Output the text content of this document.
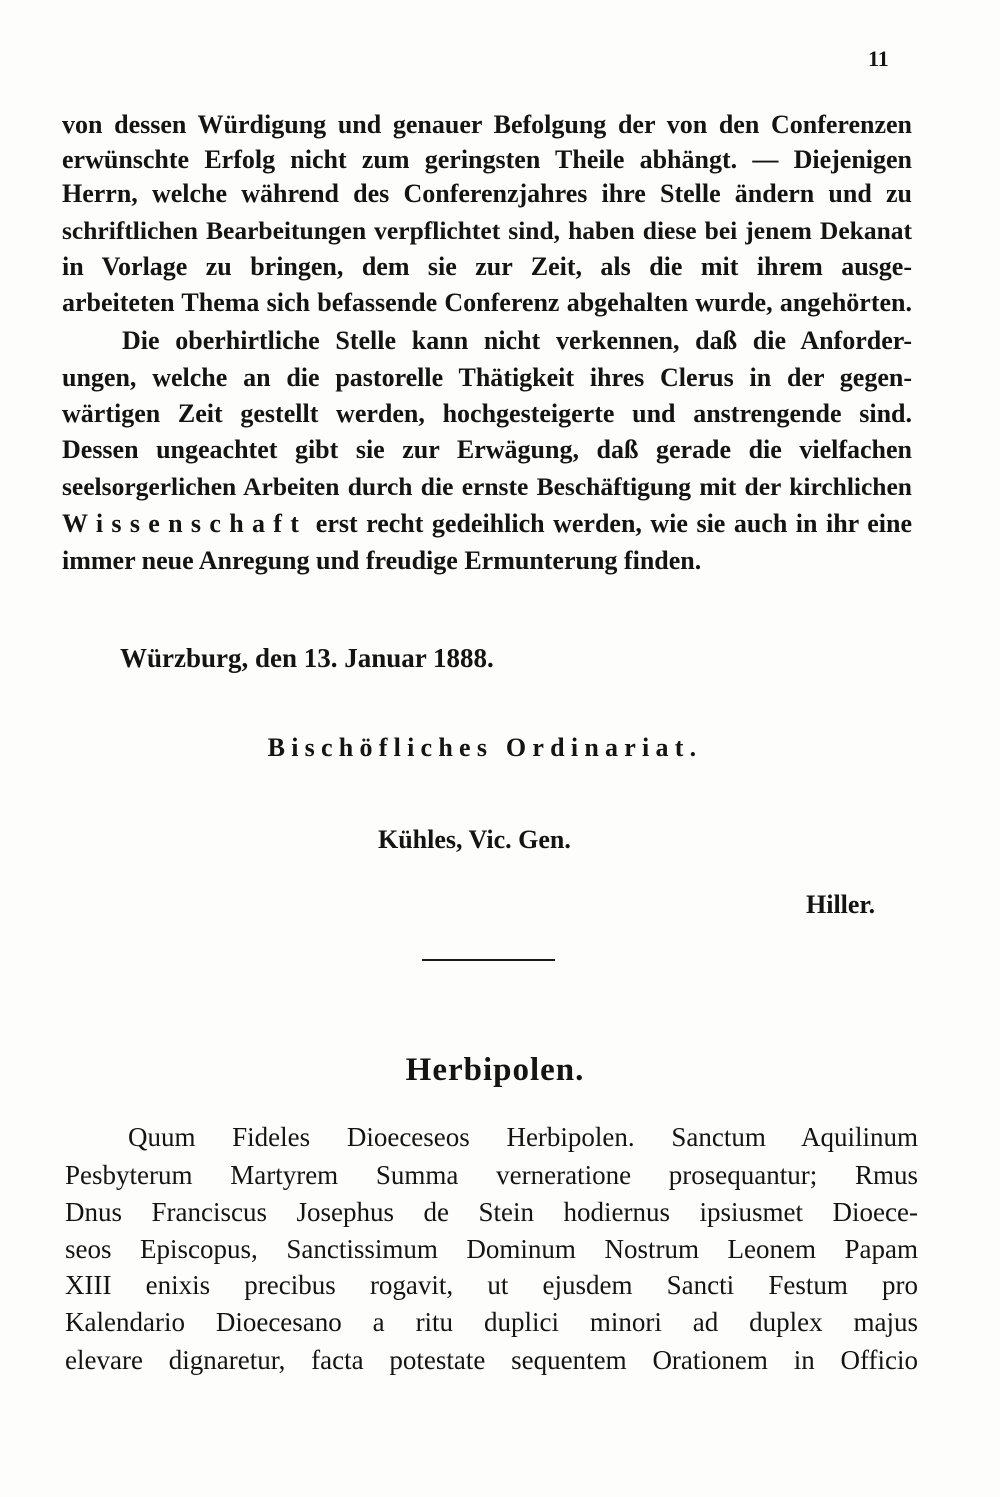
11
von dessen Würdigung und genauer Befolgung der von den Conferenzen
erwünschte Erfolg nicht zum geringsten Theile abhängt. — Diejenigen
Herrn, welche während des Conferenzjahres ihre Stelle ändern und zu
schriftlichen Bearbeitungen verpflichtet sind, haben diese bei jenem Dekanat
in Vorlage zu bringen, dem sie zur Zeit, als die mit ihrem ausge-
arbeiteten Thema sich befassende Conferenz abgehalten wurde, angehörten.
Die oberhirtliche Stelle kann nicht verkennen, daß die Anforder-
ungen, welche an die pastorelle Thätigkeit ihres Clerus in der gegen-
wärtigen Zeit gestellt werden, hochgesteigerte und anstrengende sind.
Dessen ungeachtet gibt sie zur Erwägung, daß gerade die vielfachen
seelsorgerlichen Arbeiten durch die ernste Beschäftigung mit der kirchlichen
Wissenschaft erst recht gedeihlich werden, wie sie auch in ihr eine
immer neue Anregung und freudige Ermunterung finden.
Würzburg, den 13. Januar 1888.
Bischöfliches Ordinariat.
Kühles, Vic. Gen.
Hiller.
Herbipolen.
Quum Fideles Dioeceseos Herbipolen. Sanctum Aquilinum
Pesbyterum Martyrem Summa verneratione prosequantur; Rmus
Dnus Franciscus Josephus de Stein hodiernus ipsiusmet Dioece-
seos Episcopus, Sanctissimum Dominum Nostrum Leonem Papam
XIII enixis precibus rogavit, ut ejusdem Sancti Festum pro
Kalendario Dioecesano a ritu duplici minori ad duplex majus
elevare dignaretur, facta potestate sequentem Orationem in Officio
